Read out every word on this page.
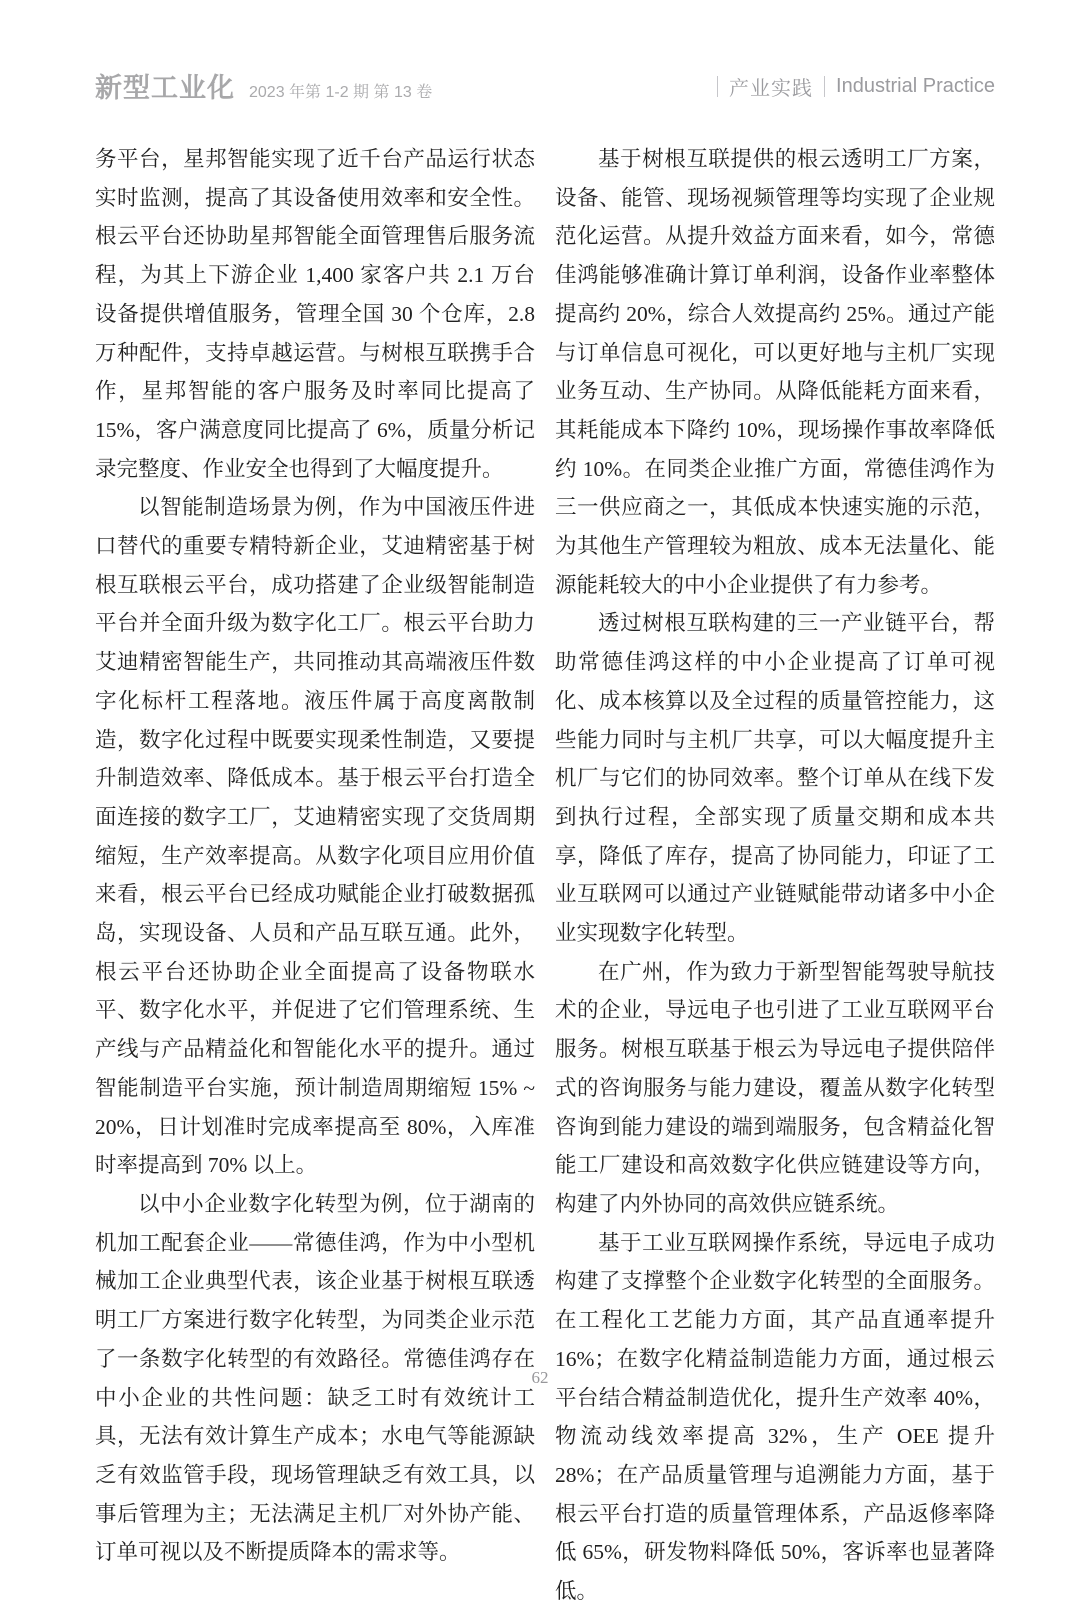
新型工业化 2023 年第 1-2 期 第 13 卷	产业实践 Industrial Practice

务平台，星邦智能实现了近千台产品运行状态实时监测，提高了其设备使用效率和安全性。根云平台还协助星邦智能全面管理售后服务流程，为其上下游企业 1,400 家客户共 2.1 万台设备提供增值服务，管理全国 30 个仓库，2.8 万种配件，支持卓越运营。与树根互联携手合作，星邦智能的客户服务及时率同比提高了 15%，客户满意度同比提高了 6%，质量分析记录完整度、作业安全也得到了大幅度提升。

以智能制造场景为例，作为中国液压件进口替代的重要专精特新企业，艾迪精密基于树根互联根云平台，成功搭建了企业级智能制造平台并全面升级为数字化工厂。根云平台助力艾迪精密智能生产，共同推动其高端液压件数字化标杆工程落地。液压件属于高度离散制造，数字化过程中既要实现柔性制造，又要提升制造效率、降低成本。基于根云平台打造全面连接的数字工厂，艾迪精密实现了交货周期缩短，生产效率提高。从数字化项目应用价值来看，根云平台已经成功赋能企业打破数据孤岛，实现设备、人员和产品互联互通。此外，根云平台还协助企业全面提高了设备物联水平、数字化水平，并促进了它们管理系统、生产线与产品精益化和智能化水平的提升。通过智能制造平台实施，预计制造周期缩短 15% ~ 20%，日计划准时完成率提高至 80%，入库准时率提高到 70% 以上。

以中小企业数字化转型为例，位于湖南的机加工配套企业——常德佳鸿，作为中小型机械加工企业典型代表，该企业基于树根互联透明工厂方案进行数字化转型，为同类企业示范了一条数字化转型的有效路径。常德佳鸿存在中小企业的共性问题：缺乏工时有效统计工具，无法有效计算生产成本；水电气等能源缺乏有效监管手段，现场管理缺乏有效工具，以事后管理为主；无法满足主机厂对外协产能、订单可视以及不断提质降本的需求等。

基于树根互联提供的根云透明工厂方案，设备、能管、现场视频管理等均实现了企业规范化运营。从提升效益方面来看，如今，常德佳鸿能够准确计算订单利润，设备作业率整体提高约 20%，综合人效提高约 25%。通过产能与订单信息可视化，可以更好地与主机厂实现业务互动、生产协同。从降低能耗方面来看，其耗能成本下降约 10%，现场操作事故率降低约 10%。在同类企业推广方面，常德佳鸿作为三一供应商之一，其低成本快速实施的示范，为其他生产管理较为粗放、成本无法量化、能源能耗较大的中小企业提供了有力参考。

透过树根互联构建的三一产业链平台，帮助常德佳鸿这样的中小企业提高了订单可视化、成本核算以及全过程的质量管控能力，这些能力同时与主机厂共享，可以大幅度提升主机厂与它们的协同效率。整个订单从在线下发到执行过程，全部实现了质量交期和成本共享，降低了库存，提高了协同能力，印证了工业互联网可以通过产业链赋能带动诸多中小企业实现数字化转型。

在广州，作为致力于新型智能驾驶导航技术的企业，导远电子也引进了工业互联网平台服务。树根互联基于根云为导远电子提供陪伴式的咨询服务与能力建设，覆盖从数字化转型咨询到能力建设的端到端服务，包含精益化智能工厂建设和高效数字化供应链建设等方向，构建了内外协同的高效供应链系统。

基于工业互联网操作系统，导远电子成功构建了支撑整个企业数字化转型的全面服务。在工程化工艺能力方面，其产品直通率提升 16%；在数字化精益制造能力方面，通过根云平台结合精益制造优化，提升生产效率 40%，物流动线效率提高 32%，生产 OEE 提升 28%；在产品质量管理与追溯能力方面，基于根云平台打造的质量管理体系，产品返修率降低 65%，研发物料降低 50%，客诉率也显著降低。

62
